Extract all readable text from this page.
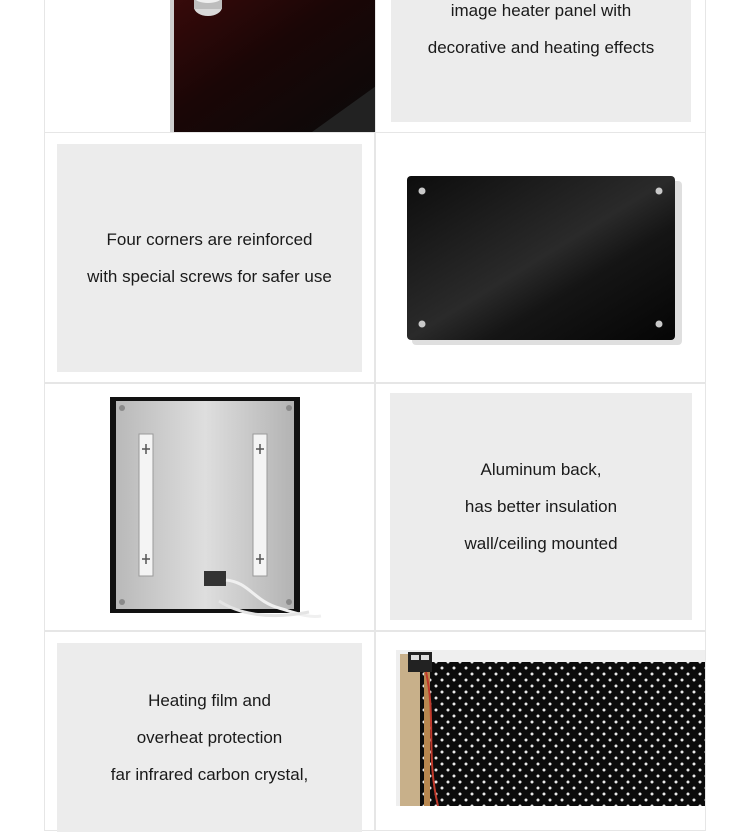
image heater panel with
decorative and heating effects
Four corners are reinforced
with special screws for safer use
Aluminum back,
has better insulation
wall/ceiling mounted
Heating film and
overheat protection
far infrared carbon crystal,
